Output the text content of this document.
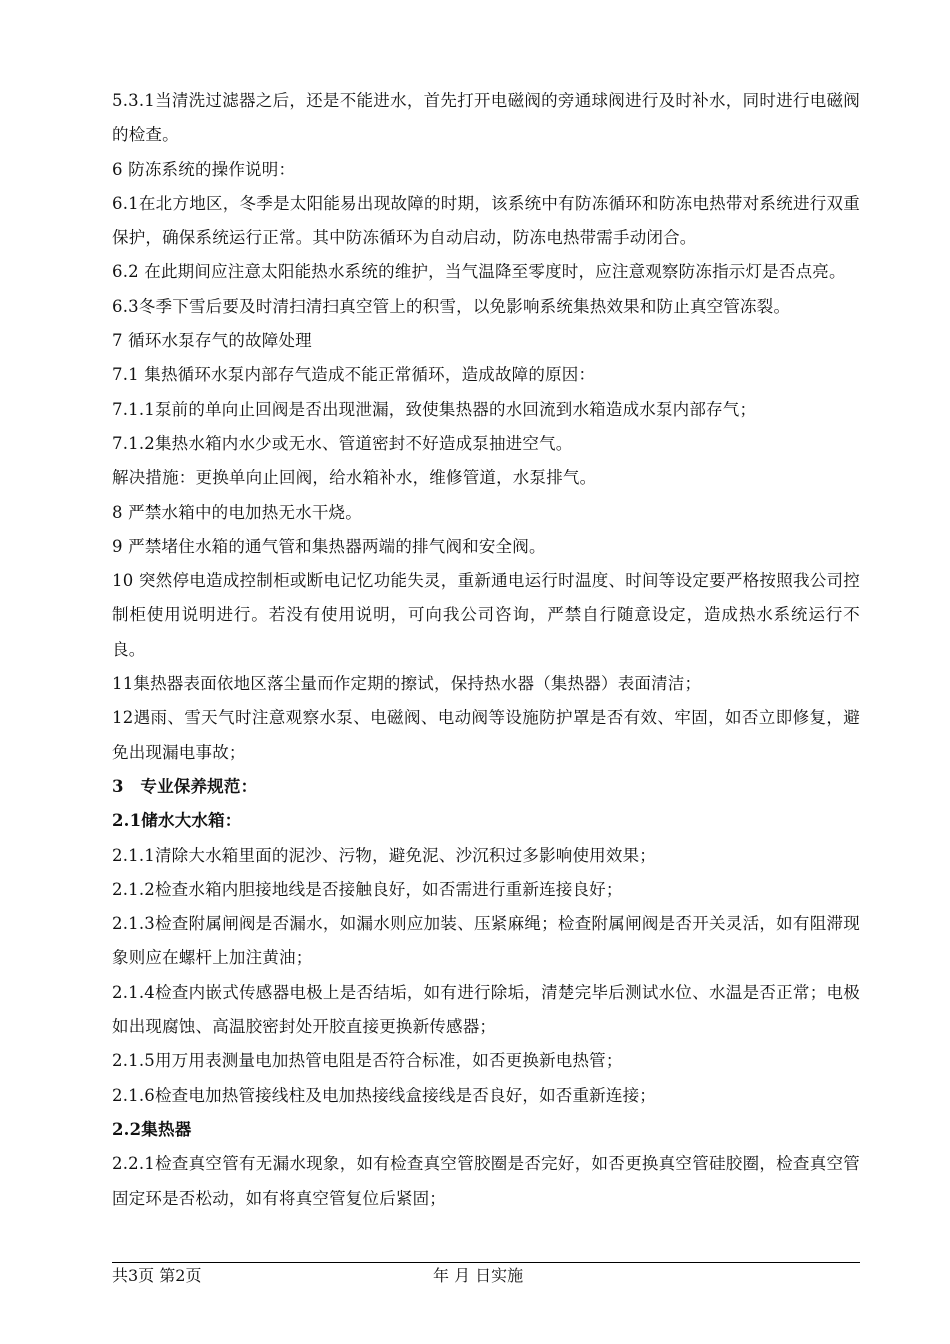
5.3.1当清洗过滤器之后，还是不能进水，首先打开电磁阀的旁通球阀进行及时补水，同时进行电磁阀的检查。

6 防冻系统的操作说明：

6.1在北方地区，冬季是太阳能易出现故障的时期，该系统中有防冻循环和防冻电热带对系统进行双重保护，确保系统运行正常。其中防冻循环为自动启动，防冻电热带需手动闭合。

6.2 在此期间应注意太阳能热水系统的维护，当气温降至零度时，应注意观察防冻指示灯是否点亮。

6.3冬季下雪后要及时清扫清扫真空管上的积雪，以免影响系统集热效果和防止真空管冻裂。

7 循环水泵存气的故障处理

7.1 集热循环水泵内部存气造成不能正常循环，造成故障的原因：

7.1.1泵前的单向止回阀是否出现泄漏，致使集热器的水回流到水箱造成水泵内部存气；

7.1.2集热水箱内水少或无水、管道密封不好造成泵抽进空气。

解决措施：更换单向止回阀，给水箱补水，维修管道，水泵排气。

8 严禁水箱中的电加热无水干烧。

9 严禁堵住水箱的通气管和集热器两端的排气阀和安全阀。

10 突然停电造成控制柜或断电记忆功能失灵，重新通电运行时温度、时间等设定要严格按照我公司控制柜使用说明进行。若没有使用说明，可向我公司咨询，严禁自行随意设定，造成热水系统运行不良。

11集热器表面依地区落尘量而作定期的擦试，保持热水器（集热器）表面清洁；

12遇雨、雪天气时注意观察水泵、电磁阀、电动阀等设施防护罩是否有效、牢固，如否立即修复，避免出现漏电事故；

3　专业保养规范：

2.1储水大水箱：

2.1.1清除大水箱里面的泥沙、污物，避免泥、沙沉积过多影响使用效果；

2.1.2检查水箱内胆接地线是否接触良好，如否需进行重新连接良好；

2.1.3检查附属闸阀是否漏水，如漏水则应加装、压紧麻绳；检查附属闸阀是否开关灵活，如有阻滞现象则应在螺杆上加注黄油；

2.1.4检查内嵌式传感器电极上是否结垢，如有进行除垢，清楚完毕后测试水位、水温是否正常；电极如出现腐蚀、高温胶密封处开胶直接更换新传感器；

2.1.5用万用表测量电加热管电阻是否符合标准，如否更换新电热管；

2.1.6检查电加热管接线柱及电加热接线盒接线是否良好，如否重新连接；

2.2集热器

2.2.1检查真空管有无漏水现象，如有检查真空管胶圈是否完好，如否更换真空管硅胶圈，检查真空管固定环是否松动，如有将真空管复位后紧固；

共3页 第2页	年 月 日实施
